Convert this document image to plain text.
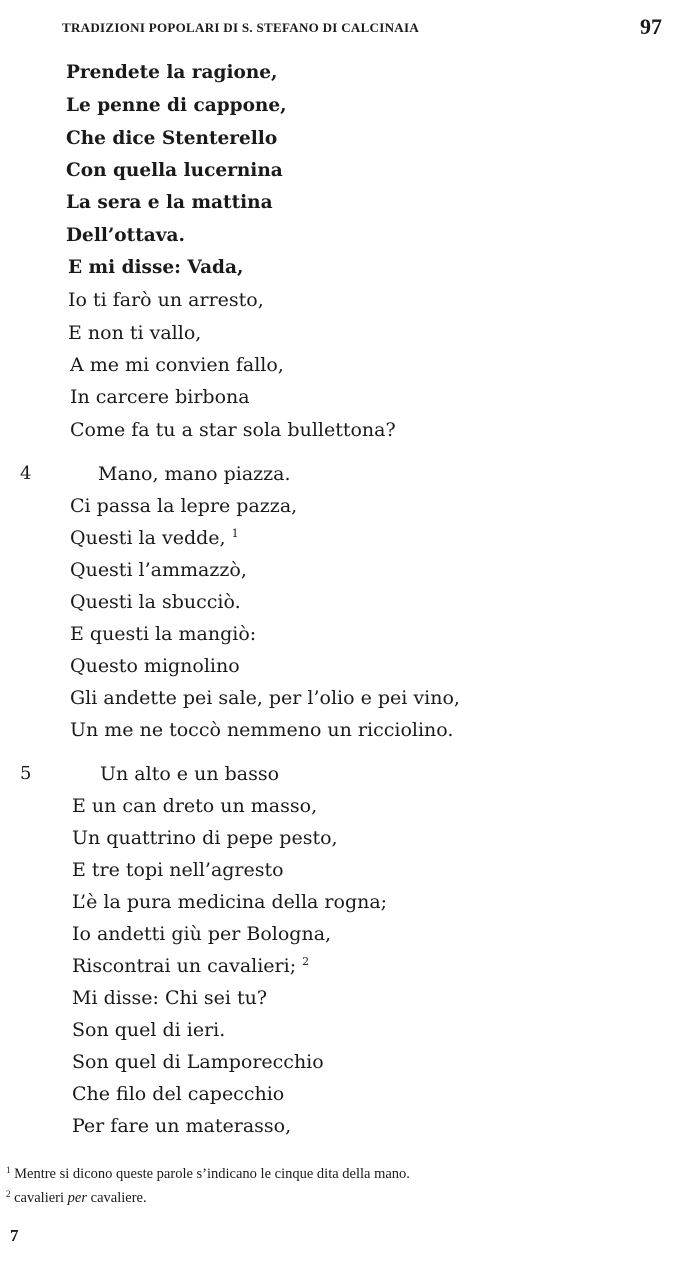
TRADIZIONI POPOLARI DI S. STEFANO DI CALCINAIA	97
Prendete la ragione,
Le penne di cappone,
Che dice Stenterello
Con quella lucernina
La sera e la mattina
Dell’ottava.
E mi disse: Vada,
Io ti farò un arresto,
E non ti vallo,
A me mi convien fallo,
In carcere birbona
Come fa tu a star sola bullettona?
4	Mano, mano piazza.
Ci passa la lepre pazza,
Questi la vedde, $^1$
Questi l’ammazzò,
Questi la sbucciò.
E questi la mangiò:
Questo mignolino
Gli andette pei sale, per l’olio e pei vino,
Un me ne toccò nemmeno un ricciolino.
5	Un alto e un basso
E un can dreto un masso,
Un quattrino di pepe pesto,
E tre topi nell’agresto
L’è la pura medicina della rogna;
Io andetti giù per Bologna,
Riscontrai un cavalieri; $^2$
Mi disse: Chi sei tu?
Son quel di ieri.
Son quel di Lamporecchio
Che filo del capecchio
Per fare un materasso,
$^1$ Mentre si dicono queste parole s’indicano le cinque dita della mano.
$^2$ cavalieri per cavaliere.
7
